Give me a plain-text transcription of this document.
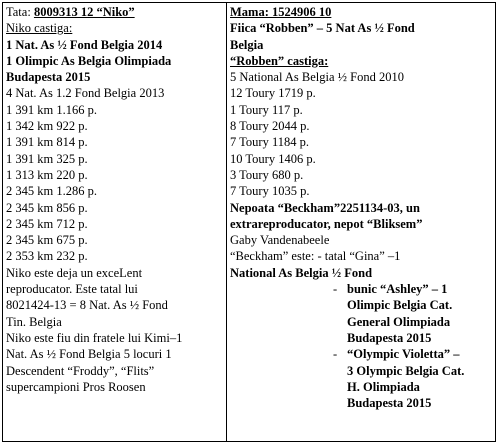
Tata: 8009313 12 “Niko”
Niko castiga:
1 Nat. As ½ Fond Belgia 2014
1 Olimpic As Belgia Olimpiada
Budapesta 2015
4 Nat. As 1.2 Fond Belgia 2013
1 391 km 1.166 p.
1 342 km 922 p.
1 391 km 814 p.
1 391 km 325 p.
1 313 km 220 p.
2 345 km 1.286 p.
2 345 km 856 p.
2 345 km 712 p.
2 345 km 675 p.
2 353 km 232 p.
Niko este deja un exceLent
reproducator. Este tatal lui
8021424-13 = 8 Nat. As ½ Fond
Tin. Belgia
Niko este fiu din fratele lui Kimi–1
Nat. As ½ Fond Belgia 5 locuri 1
Descendent “Froddy”, “Flits”
supercampioni Pros Roosen
Mama: 1524906 10
Fiica “Robben” – 5 Nat As ½ Fond
Belgia
“Robben” castiga:
5 National As Belgia ½ Fond 2010
12 Toury 1719 p.
1 Toury 117 p.
8 Toury 2044 p.
7 Toury 1184 p.
10 Toury 1406 p.
3 Toury 680 p.
7 Toury 1035 p.
Nepoata “Beckham”2251134-03, un
extrareproducator, nepot “Bliksem”
Gaby Vandenabeele
“Beckham” este: - tatal “Gina” –1
National As Belgia ½ Fond
- bunic “Ashley” – 1
Olimpic Belgia Cat.
General Olimpiada
Budapesta 2015
- “Olympic Violetta” –
3 Olympic Belgia Cat.
H. Olimpiada
Budapesta 2015
